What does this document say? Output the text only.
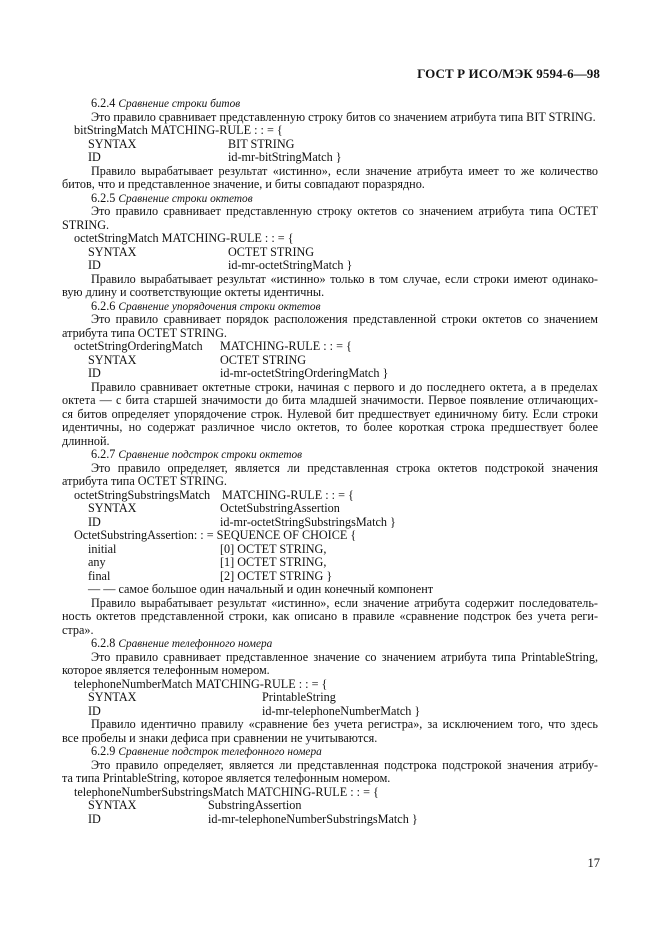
ГОСТ Р ИСО/МЭК 9594-6—98
6.2.4 Сравнение строки битов
Это правило сравнивает представленную строку битов со значением атрибута типа BIT STRING.
bitStringMatch MATCHING-RULE : : = {
SYNTAX	BIT STRING
ID	id-mr-bitStringMatch }
Правило вырабатывает результат «истинно», если значение атрибута имеет то же количество
битов, что и представленное значение, и биты совпадают поразрядно.
6.2.5 Сравнение строки октетов
Это правило сравнивает представленную строку октетов со значением атрибута типа OCTET
STRING.
octetStringMatch MATCHING-RULE : : = {
SYNTAX	OCTET STRING
ID	id-mr-octetStringMatch }
Правило вырабатывает результат «истинно» только в том случае, если строки имеют одинако-
вую длину и соответствующие октеты идентичны.
6.2.6 Сравнение упорядочения строки октетов
Это правило сравнивает порядок расположения представленной строки октетов со значением
атрибута типа OCTET STRING.
octetStringOrderingMatch MATCHING-RULE : : = {
SYNTAX	OCTET STRING
ID	id-mr-octetStringOrderingMatch }
Правило сравнивает октетные строки, начиная с первого и до последнего октета, а в пределах
октета — с бита старшей значимости до бита младшей значимости. Первое появление отличающих-
ся битов определяет упорядочение строк. Нулевой бит предшествует единичному биту. Если строки
идентичны, но содержат различное число октетов, то более короткая строка предшествует более
длинной.
6.2.7 Сравнение подстрок строки октетов
Это правило определяет, является ли представленная строка октетов подстрокой значения
атрибута типа OCTET STRING.
octetStringSubstringsMatch MATCHING-RULE : : = {
SYNTAX	OctetSubstringAssertion
ID	id-mr-octetStringSubstringsMatch }
OctetSubstringAssertion: : = SEQUENCE OF CHOICE {
initial	[0] OCTET STRING,
any	[1] OCTET STRING,
final	[2] OCTET STRING }
— — самое большое один начальный и один конечный компонент
Правило вырабатывает результат «истинно», если значение атрибута содержит последователь-
ность октетов представленной строки, как описано в правиле «сравнение подстрок без учета реги-
стра».
6.2.8 Сравнение телефонного номера
Это правило сравнивает представленное значение со значением атрибута типа PrintableString,
которое является телефонным номером.
telephoneNumberMatch MATCHING-RULE : : = {
SYNTAX	PrintableString
ID	id-mr-telephoneNumberMatch }
Правило идентично правилу «сравнение без учета регистра», за исключением того, что здесь
все пробелы и знаки дефиса при сравнении не учитываются.
6.2.9 Сравнение подстрок телефонного номера
Это правило определяет, является ли представленная подстрока подстрокой значения атрибу-
та типа PrintableString, которое является телефонным номером.
telephoneNumberSubstringsMatch MATCHING-RULE : : = {
SYNTAX	SubstringAssertion
ID	id-mr-telephoneNumberSubstringsMatch }
17
